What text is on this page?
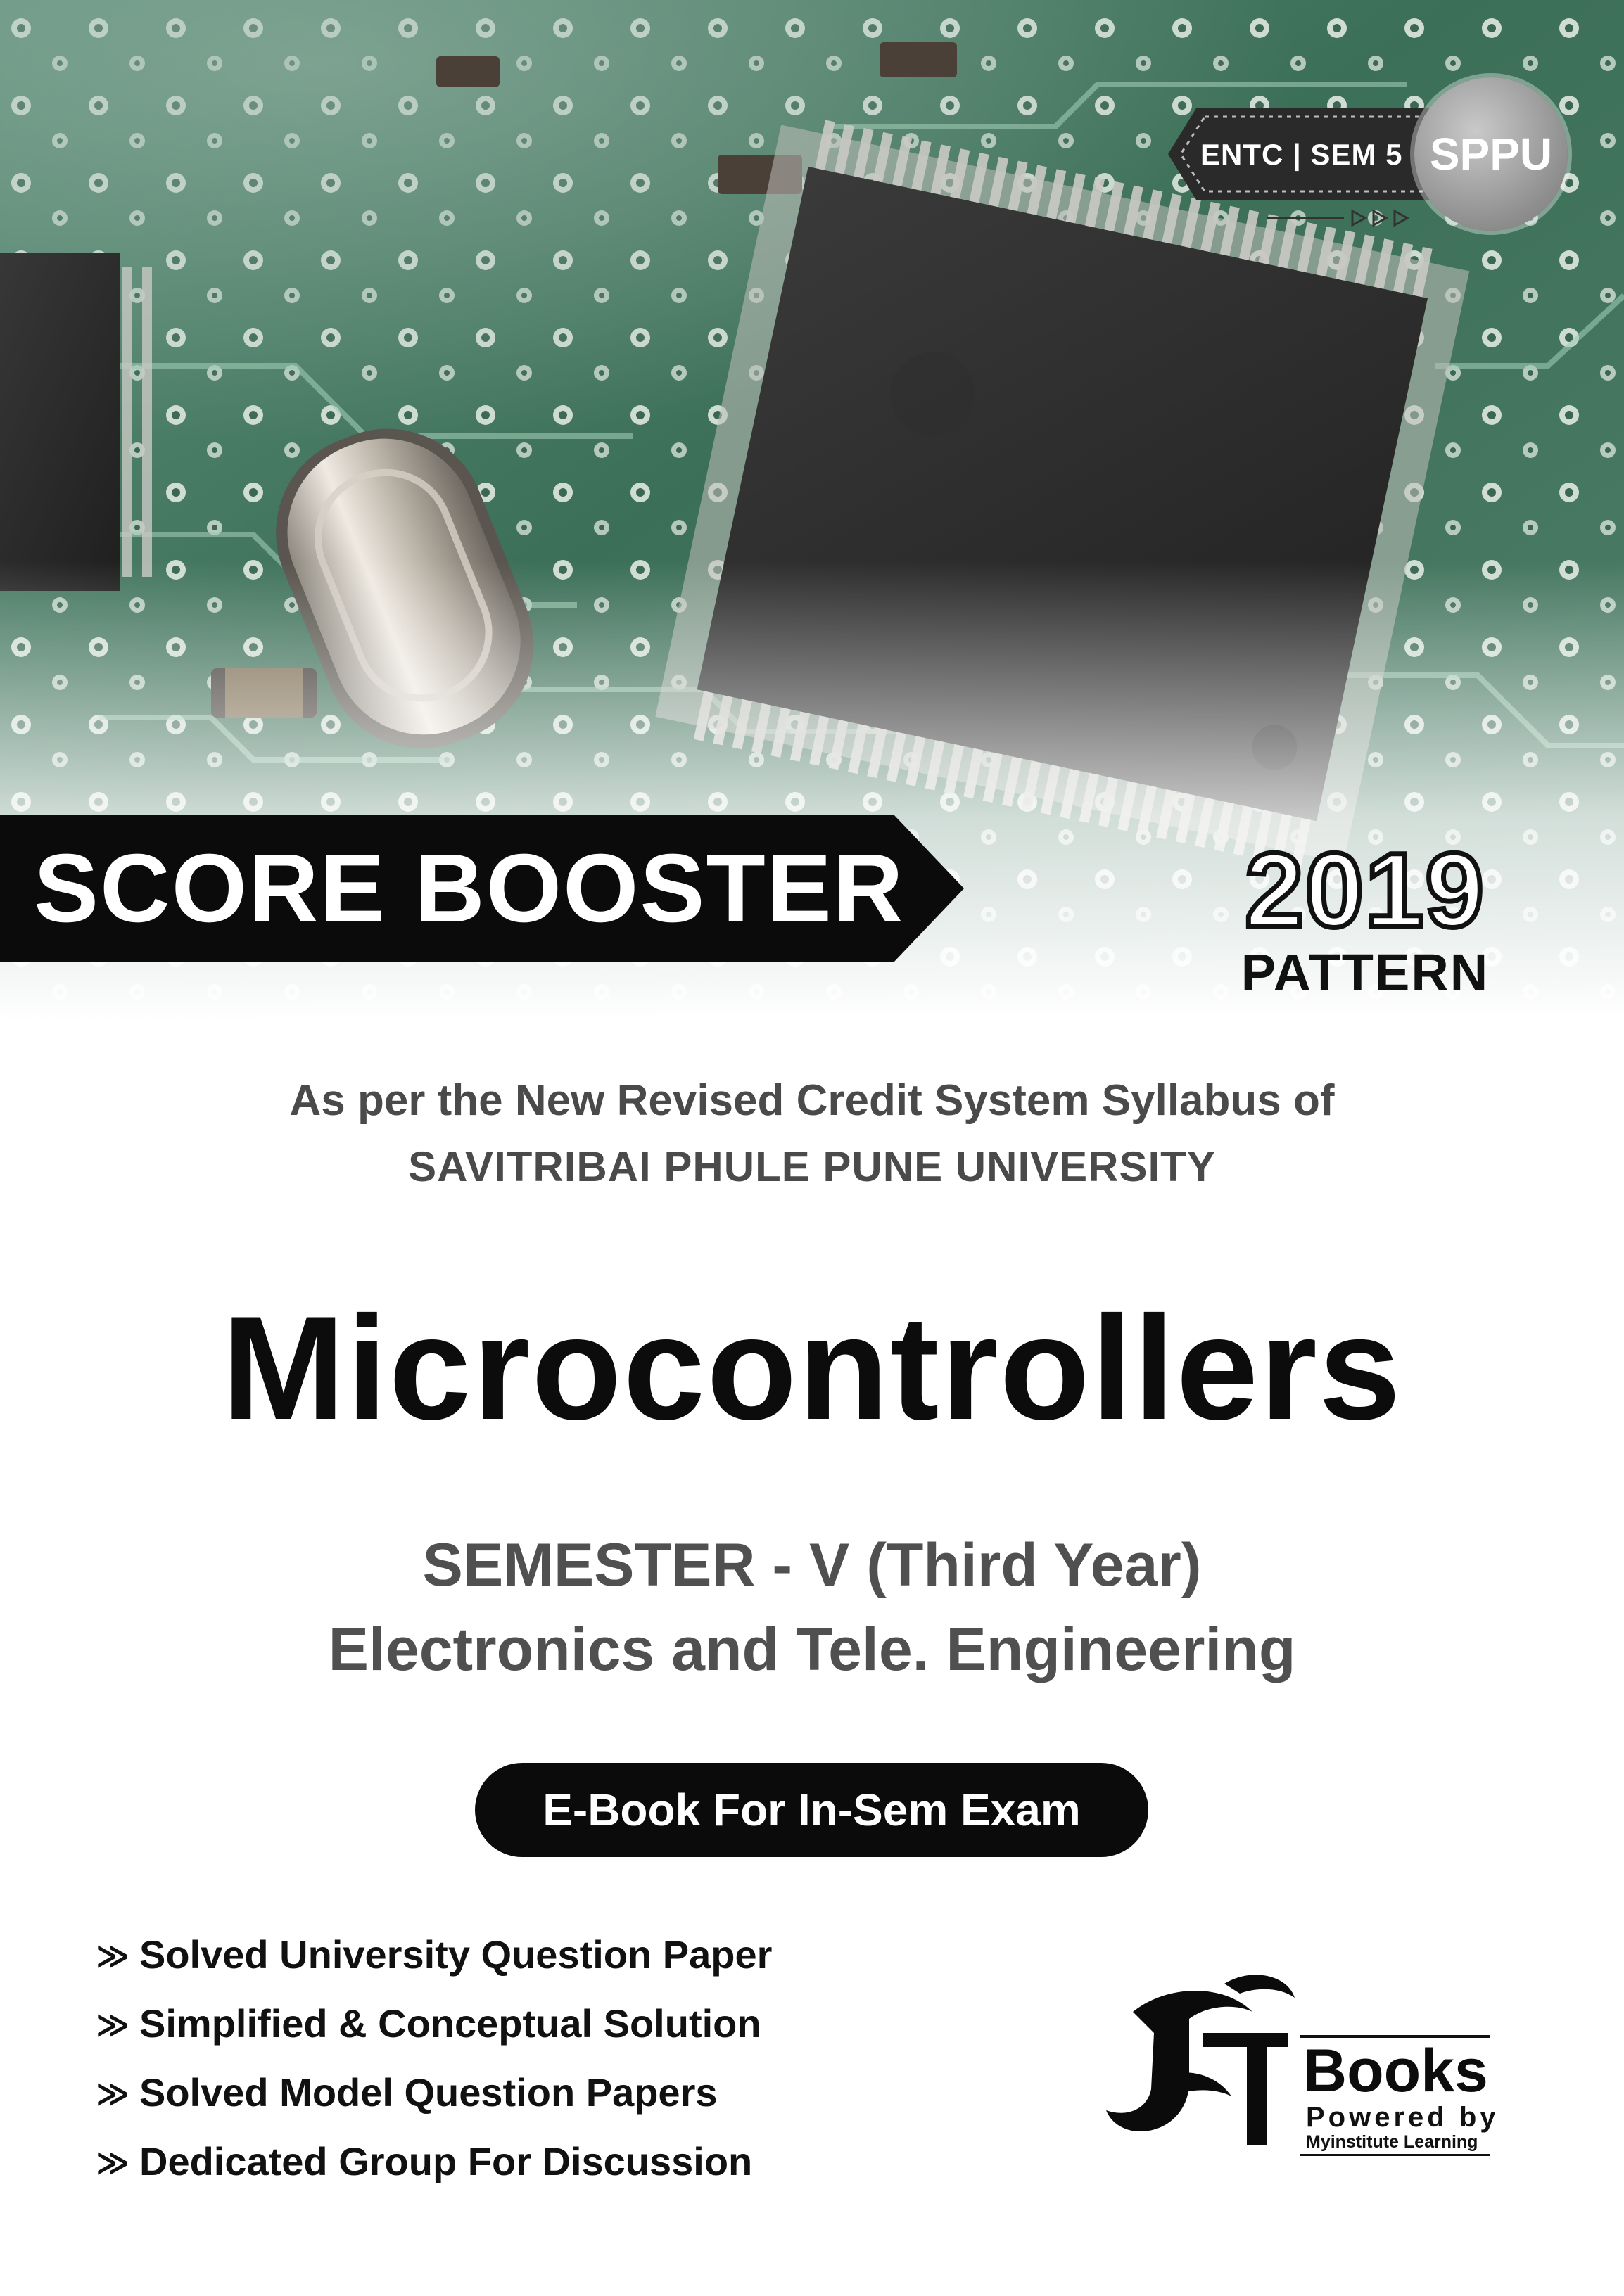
ENTC | SEM 5 SPPU
SCORE BOOSTER	2019
PATTERN
As per the New Revised Credit System Syllabus of
SAVITRIBAI PHULE PUNE UNIVERSITY
Microcontrollers
SEMESTER - V (Third Year)
Electronics and Tele. Engineering
E-Book For In-Sem Exam
≫ Solved University Question Paper
≫ Simplified & Conceptual Solution
≫ Solved Model Question Papers
≫ Dedicated Group For Discussion
Books
Powered by
Myinstitute Learning
